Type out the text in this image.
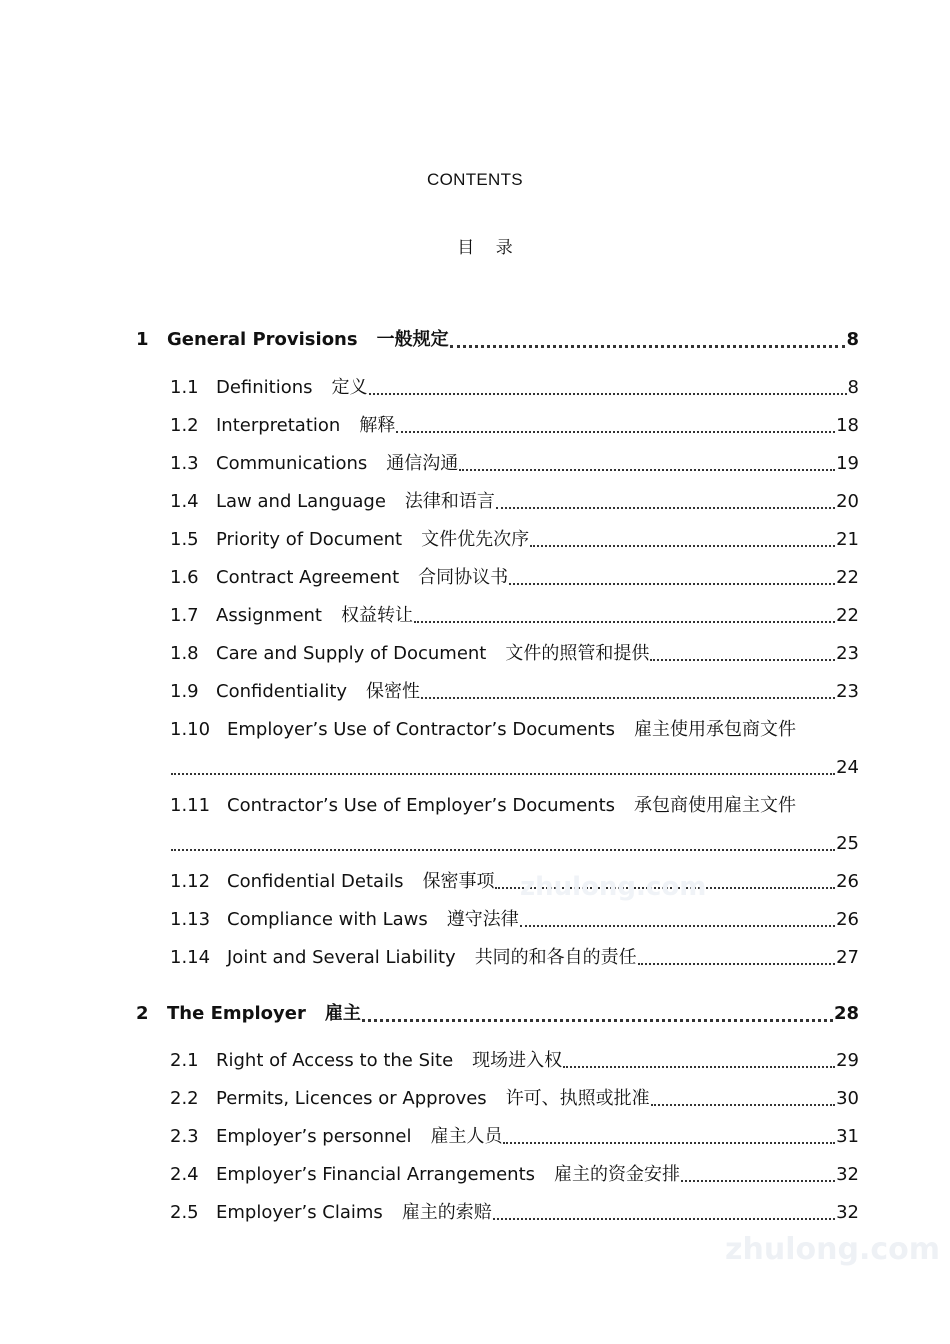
CONTENTS
目 录
1	General Provisions 一般规定	8
1.1 Definitions 定义	8
1.2 Interpretation 解释	18
1.3 Communications 通信沟通	19
1.4 Law and Language 法律和语言	20
1.5 Priority of Document 文件优先次序	21
1.6 Contract Agreement 合同协议书	22
1.7 Assignment 权益转让	22
1.8 Care and Supply of Document 文件的照管和提供	23
1.9 Confidentiality 保密性	23
1.10 Employer’s Use of Contractor’s Documents 雇主使用承包商文件
24
1.11 Contractor’s Use of Employer’s Documents 承包商使用雇主文件
25
1.12 Confidential Details 保密事项	26
1.13 Compliance with Laws 遵守法律	26
1.14 Joint and Several Liability 共同的和各自的责任	27
2	The Employer 雇主	28
2.1 Right of Access to the Site 现场进入权	29
2.2 Permits, Licences or Approves 许可、执照或批准	30
2.3 Employer’s personnel 雇主人员	31
2.4 Employer’s Financial Arrangements 雇主的资金安排	32
2.5 Employer’s Claims 雇主的索赔	32
zhulong.com
zhulong.com
